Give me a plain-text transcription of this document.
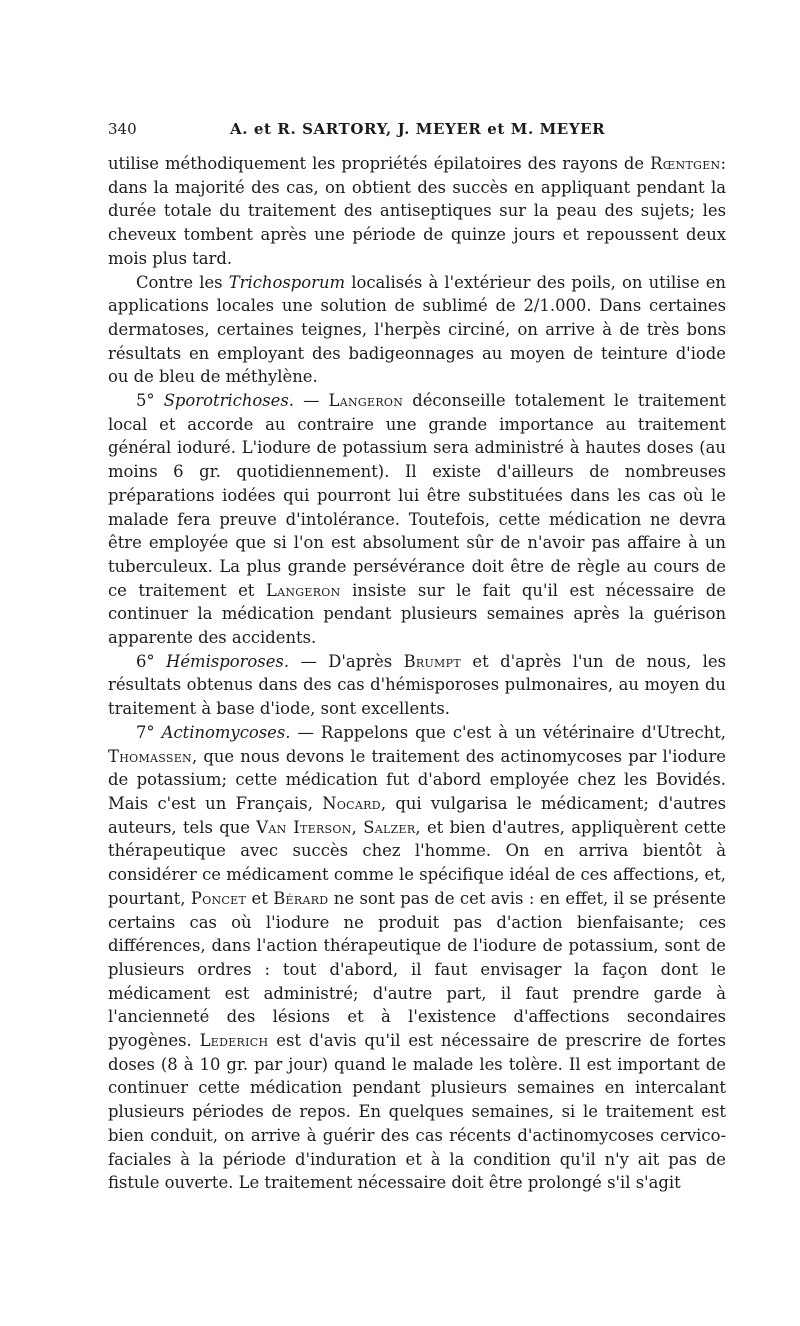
340	A. et R. SARTORY, J. MEYER et M. MEYER

utilise méthodiquement les propriétés épilatoires des rayons de Rœntgen: dans la majorité des cas, on obtient des succès en appliquant pendant la durée totale du traitement des antiseptiques sur la peau des sujets; les cheveux tombent après une période de quinze jours et repoussent deux mois plus tard.

Contre les Trichosporum localisés à l'extérieur des poils, on utilise en applications locales une solution de sublimé de 2/1.000. Dans certaines dermatoses, certaines teignes, l'herpès circiné, on arrive à de très bons résultats en employant des badigeonnages au moyen de teinture d'iode ou de bleu de méthylène.

5° Sporotrichoses. — Langeron déconseille totalement le traitement local et accorde au contraire une grande importance au traitement général ioduré. L'iodure de potassium sera administré à hautes doses (au moins 6 gr. quotidiennement). Il existe d'ailleurs de nombreuses préparations iodées qui pourront lui être substituées dans les cas où le malade fera preuve d'intolérance. Toutefois, cette médication ne devra être employée que si l'on est absolument sûr de n'avoir pas affaire à un tuberculeux. La plus grande persévérance doit être de règle au cours de ce traitement et Langeron insiste sur le fait qu'il est nécessaire de continuer la médication pendant plusieurs semaines après la guérison apparente des accidents.

6° Hémisporoses. — D'après Brumpt et d'après l'un de nous, les résultats obtenus dans des cas d'hémisporoses pulmonaires, au moyen du traitement à base d'iode, sont excellents.

7° Actinomycoses. — Rappelons que c'est à un vétérinaire d'Utrecht, Thomassen, que nous devons le traitement des actinomycoses par l'iodure de potassium; cette médication fut d'abord employée chez les Bovidés. Mais c'est un Français, Nocard, qui vulgarisa le médicament; d'autres auteurs, tels que Van Iterson, Salzer, et bien d'autres, appliquèrent cette thérapeutique avec succès chez l'homme. On en arriva bientôt à considérer ce médicament comme le spécifique idéal de ces affections, et, pourtant, Poncet et Bérard ne sont pas de cet avis : en effet, il se présente certains cas où l'iodure ne produit pas d'action bienfaisante; ces différences, dans l'action thérapeutique de l'iodure de potassium, sont de plusieurs ordres : tout d'abord, il faut envisager la façon dont le médicament est administré; d'autre part, il faut prendre garde à l'ancienneté des lésions et à l'existence d'affections secondaires pyogènes. Lederich est d'avis qu'il est nécessaire de prescrire de fortes doses (8 à 10 gr. par jour) quand le malade les tolère. Il est important de continuer cette médication pendant plusieurs semaines en intercalant plusieurs périodes de repos. En quelques semaines, si le traitement est bien conduit, on arrive à guérir des cas récents d'actinomycoses cervico-faciales à la période d'induration et à la condition qu'il n'y ait pas de fistule ouverte. Le traitement nécessaire doit être prolongé s'il s'agit
